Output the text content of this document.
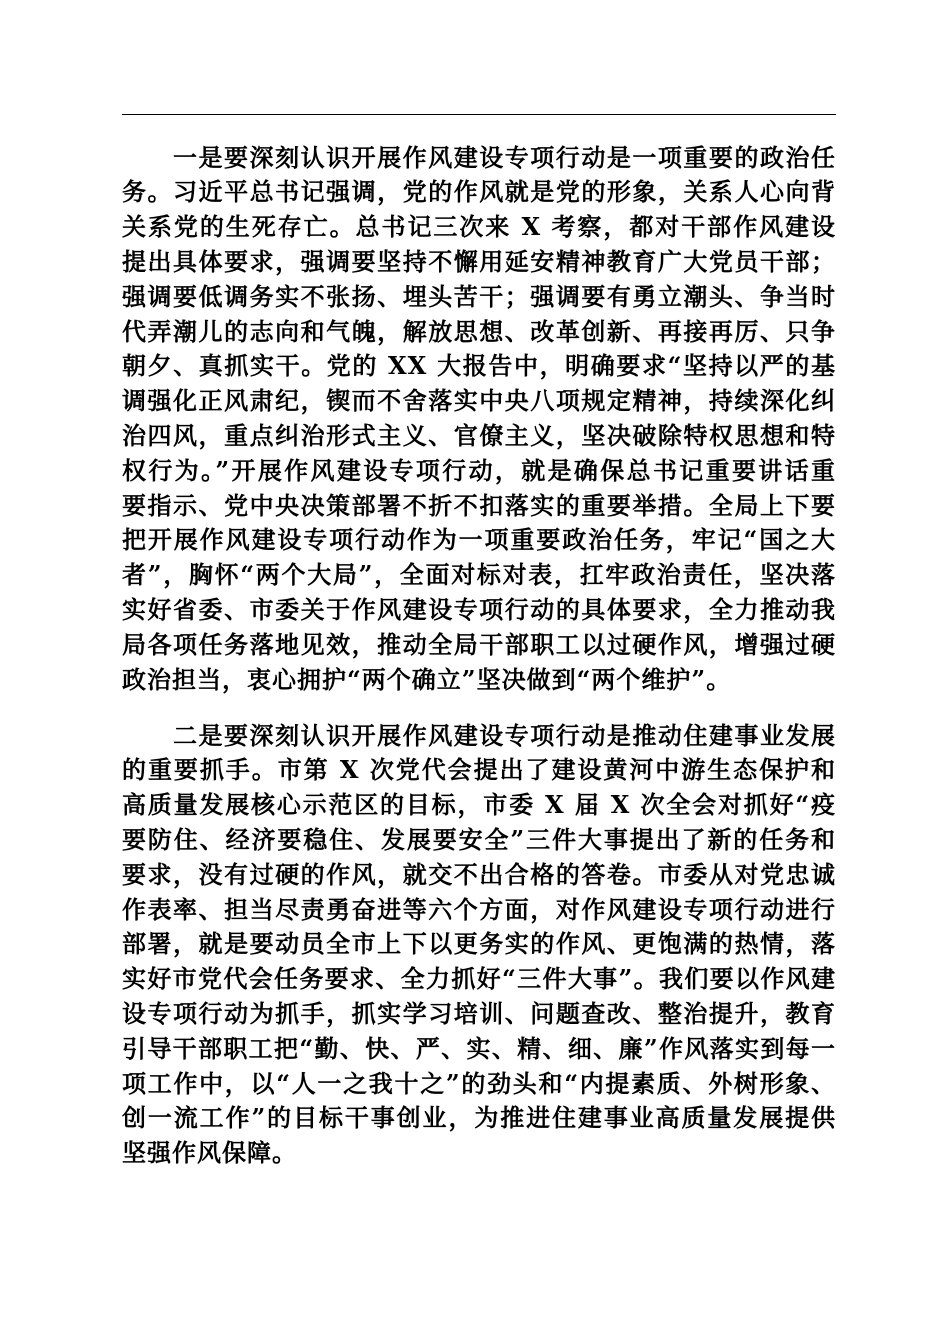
一是要深刻认识开展作风建设专项行动是一项重要的政治任
务。习近平总书记强调，党的作风就是党的形象，关系人心向背
关系党的生死存亡。总书记三次来 X 考察，都对干部作风建设
提出具体要求，强调要坚持不懈用延安精神教育广大党员干部；
强调要低调务实不张扬、埋头苦干；强调要有勇立潮头、争当时
代弄潮儿的志向和气魄，解放思想、改革创新、再接再厉、只争
朝夕、真抓实干。党的 XX 大报告中，明确要求“坚持以严的基
调强化正风肃纪，锲而不舍落实中央八项规定精神，持续深化纠
治四风，重点纠治形式主义、官僚主义，坚决破除特权思想和特
权行为。”开展作风建设专项行动，就是确保总书记重要讲话重
要指示、党中央决策部署不折不扣落实的重要举措。全局上下要
把开展作风建设专项行动作为一项重要政治任务，牢记“国之大
者”，胸怀“两个大局”，全面对标对表，扛牢政治责任，坚决落
实好省委、市委关于作风建设专项行动的具体要求，全力推动我
局各项任务落地见效，推动全局干部职工以过硬作风，增强过硬
政治担当，衷心拥护“两个确立”坚决做到“两个维护”。
二是要深刻认识开展作风建设专项行动是推动住建事业发展
的重要抓手。市第 X 次党代会提出了建设黄河中游生态保护和
高质量发展核心示范区的目标，市委 X 届 X 次全会对抓好“疫
要防住、经济要稳住、发展要安全”三件大事提出了新的任务和
要求，没有过硬的作风，就交不出合格的答卷。市委从对党忠诚
作表率、担当尽责勇奋进等六个方面，对作风建设专项行动进行
部署，就是要动员全市上下以更务实的作风、更饱满的热情，落
实好市党代会任务要求、全力抓好“三件大事”。我们要以作风建
设专项行动为抓手，抓实学习培训、问题查改、整治提升，教育
引导干部职工把“勤、快、严、实、精、细、廉”作风落实到每一
项工作中，以“人一之我十之”的劲头和“内提素质、外树形象、
创一流工作”的目标干事创业，为推进住建事业高质量发展提供
坚强作风保障。
